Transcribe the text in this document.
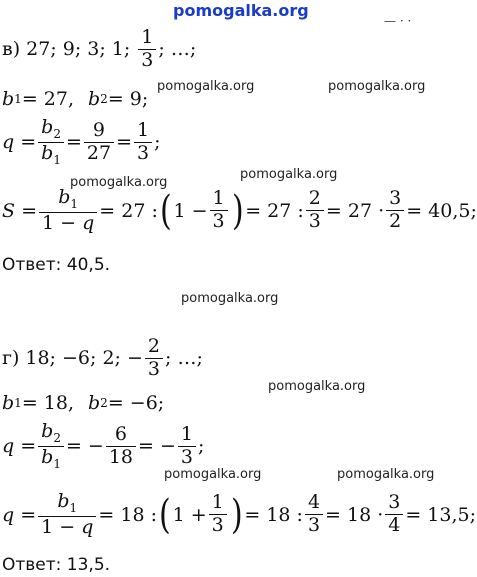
pomogalka.org
— · ·
в) 27; 9; 3; 1; $\frac{1}{3}$ ; …;
b 1 = 27, b 2 = 9;
$q = \frac{b_2}{b_1} = \frac{9}{27} = \frac{1}{3}$ ;
$S = \frac{b_1}{1 - q} = 27$ : ( $1 - \frac{1}{3}$ ) = 27 : $\frac{2}{3} = 27 \cdot \frac{3}{2} = 40,5$;
Ответ: 40,5.
г) 18; −6; 2; − $\frac{2}{3}$ ; …;
b 1 = 18, b 2 = −6;
$q = \frac{b_2}{b_1}$ = − $\frac{6}{18}$ = − $\frac{1}{3}$ ;
$q = \frac{b_1}{1 - q} = 18$ : ( $1 + \frac{1}{3}$ ) = 18 : $\frac{4}{3} = 18 \cdot \frac{3}{4} = 13,5$;
Ответ: 13,5.
pomogalka.org	pomogalka.org
pomogalka.org
pomogalka.org
pomogalka.org
pomogalka.org
pomogalka.org	pomogalka.org
